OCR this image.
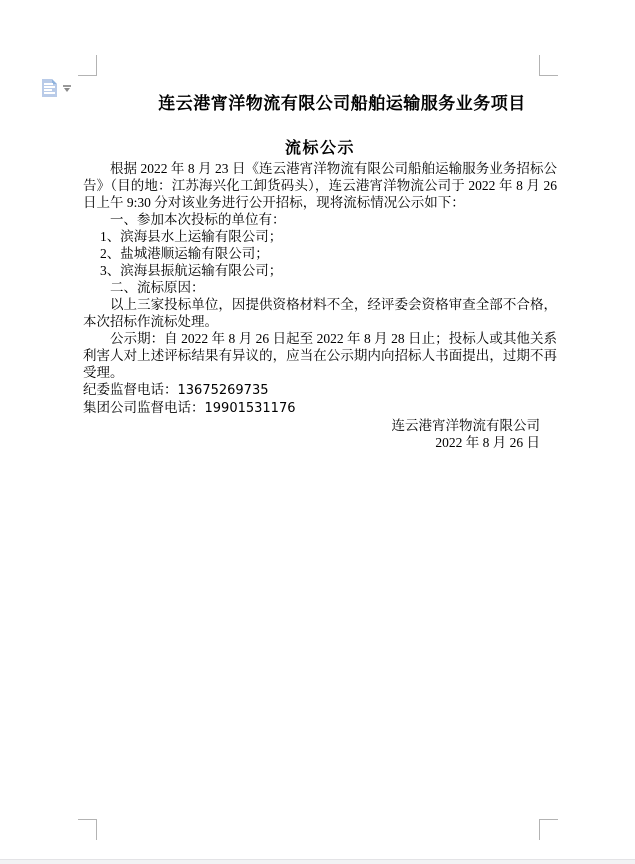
连云港宵洋物流有限公司船舶运输服务业务项目
流标公示

根据 2022 年 8 月 23 日《连云港宵洋物流有限公司船舶运输服务业务招标公告》（目的地：江苏海兴化工卸货码头），连云港宵洋物流公司于 2022 年 8 月 26 日上午 9:30 分对该业务进行公开招标，现将流标情况公示如下：

一、参加本次投标的单位有：

1、滨海县水上运输有限公司；

2、盐城港顺运输有限公司；

3、滨海县振航运输有限公司；

二、流标原因：

以上三家投标单位，因提供资格材料不全，经评委会资格审查全部不合格，本次招标作流标处理。

公示期：自 2022 年 8 月 26 日起至 2022 年 8 月 28 日止；投标人或其他关系利害人对上述评标结果有异议的，应当在公示期内向招标人书面提出，过期不再受理。

纪委监督电话：13675269735

集团公司监督电话：19901531176

连云港宵洋物流有限公司

2022 年 8 月 26 日
